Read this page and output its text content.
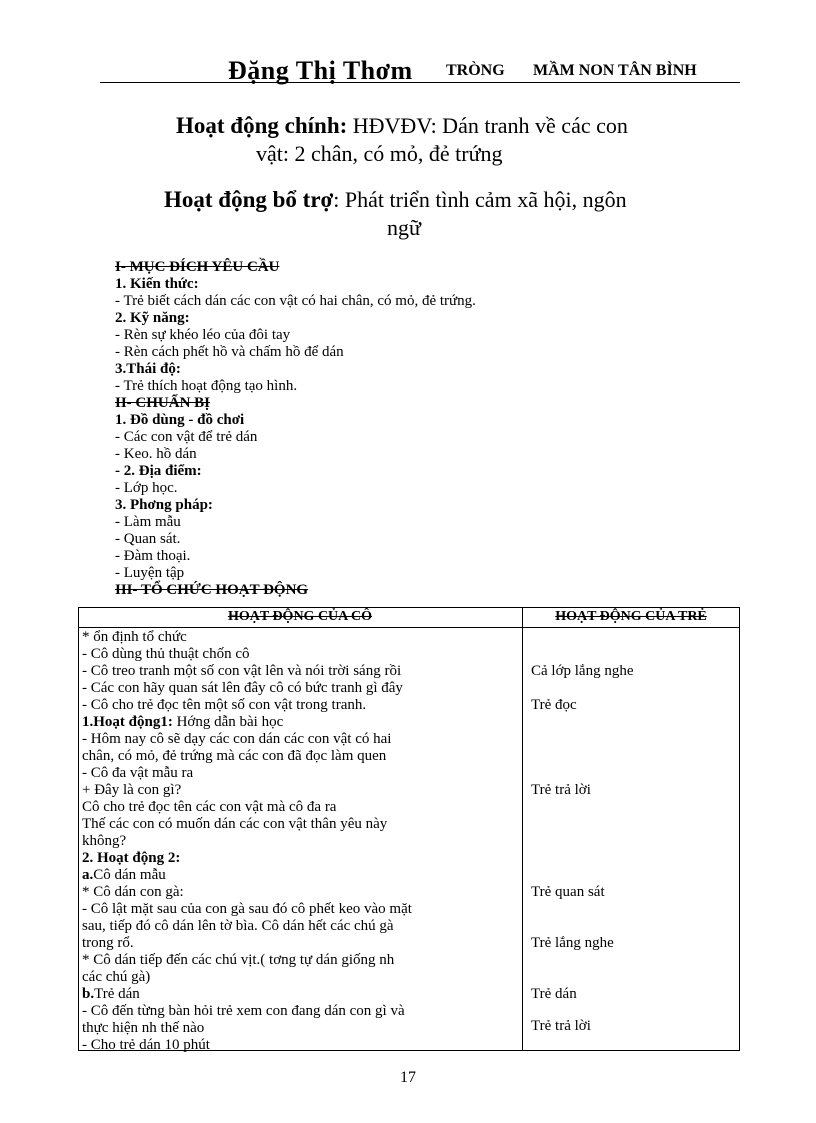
Đặng Thị Thơm TRÒNG MẦM NON TÂN BÌNH
Hoạt động chính: HĐVĐV: Dán tranh về các con
vật: 2 chân, có mỏ, đẻ trứng
Hoạt động bổ trợ: Phát triển tình cảm xã hội, ngôn
ngữ
I- MỤC ĐÍCH YÊU CẦU
1. Kiến thức:
- Trẻ biết cách dán các con vật có hai chân, có mỏ, đẻ trứng.
2. Kỹ năng:
- Rèn sự khéo léo của đôi tay
- Rèn cách phết hồ và chấm hồ để dán
3.Thái độ:
- Trẻ thích hoạt động tạo hình.
II- CHUẨN BỊ
1. Đồ dùng - đồ chơi
- Các con vật để trẻ dán
- Keo. hồ dán
- 2. Địa điểm:
- Lớp học.
3. Phơng pháp:
- Làm mẫu
- Quan sát.
- Đàm thoại.
- Luyện tập
III- TỔ CHỨC HOẠT ĐỘNG
HOẠT ĐỘNG CỦA CÔ	HOẠT ĐỘNG CỦA TRẺ
* ổn định tổ chức
- Cô dùng thủ thuật chốn cô
- Cô treo tranh một số con vật lên và nói trời sáng rồi
- Các con hãy quan sát lên đây cô có bức tranh gì đây
- Cô cho trẻ đọc tên một số con vật trong tranh.
1.Hoạt động1: Hớng dẫn bài học
- Hôm nay cô sẽ dạy các con dán các con vật có hai
chân, có mỏ, đẻ trứng mà các con đã đọc làm quen
- Cô đa vật mẫu ra
+ Đây là con gì?
Cô cho trẻ đọc tên các con vật mà cô đa ra
Thế các con có muốn dán các con vật thân yêu này
không?
2. Hoạt động 2:
a.Cô dán mẫu
* Cô dán con gà:
- Cô lật mặt sau của con gà sau đó cô phết keo vào mặt
sau, tiếp đó cô dán lên tờ bìa. Cô dán hết các chú gà
trong rổ.
* Cô dán tiếp đến các chú vịt.( tơng tự dán giống nh
các chú gà)
b.Trẻ dán
- Cô đến từng bàn hỏi trẻ xem con đang dán con gì và
thực hiện nh thế nào
- Cho trẻ dán 10 phút
Cả lớp lắng nghe
Trẻ đọc
Trẻ trả lời
Trẻ quan sát
Trẻ lắng nghe
Trẻ dán
Trẻ trả lời
17
